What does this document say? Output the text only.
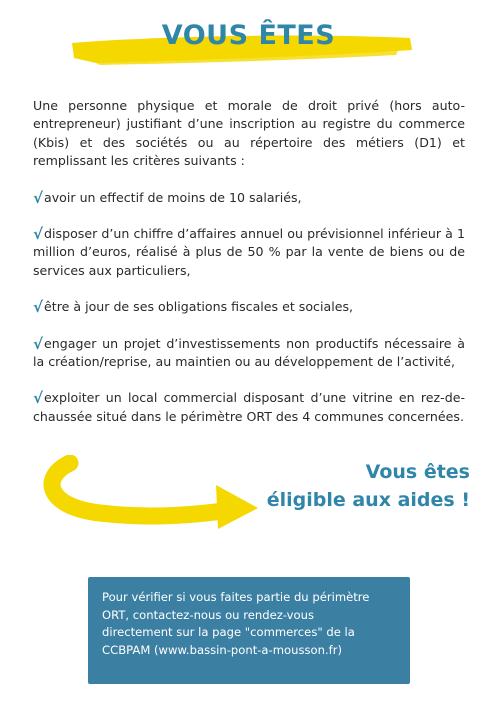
VOUS ÊTES

Une personne physique et morale de droit privé (hors auto-entrepreneur) justifiant d’une inscription au registre du commerce (Kbis) et des sociétés ou au répertoire des métiers (D1) et remplissant les critères suivants :

√avoir un effectif de moins de 10 salariés,

√disposer d’un chiffre d’affaires annuel ou prévisionnel inférieur à 1 million d’euros, réalisé à plus de 50 % par la vente de biens ou de services aux particuliers,

√être à jour de ses obligations fiscales et sociales,

√engager un projet d’investissements non productifs nécessaire à la création/reprise, au maintien ou au développement de l’activité,

√exploiter un local commercial disposant d’une vitrine en rez-de-chaussée situé dans le périmètre ORT des 4 communes concernées.

Vous êtes
éligible aux aides !
Pour vérifier si vous faites partie du périmètre
ORT, contactez-nous ou rendez-vous
directement sur la page "commerces" de la
CCBPAM (www.bassin-pont-a-mousson.fr)
